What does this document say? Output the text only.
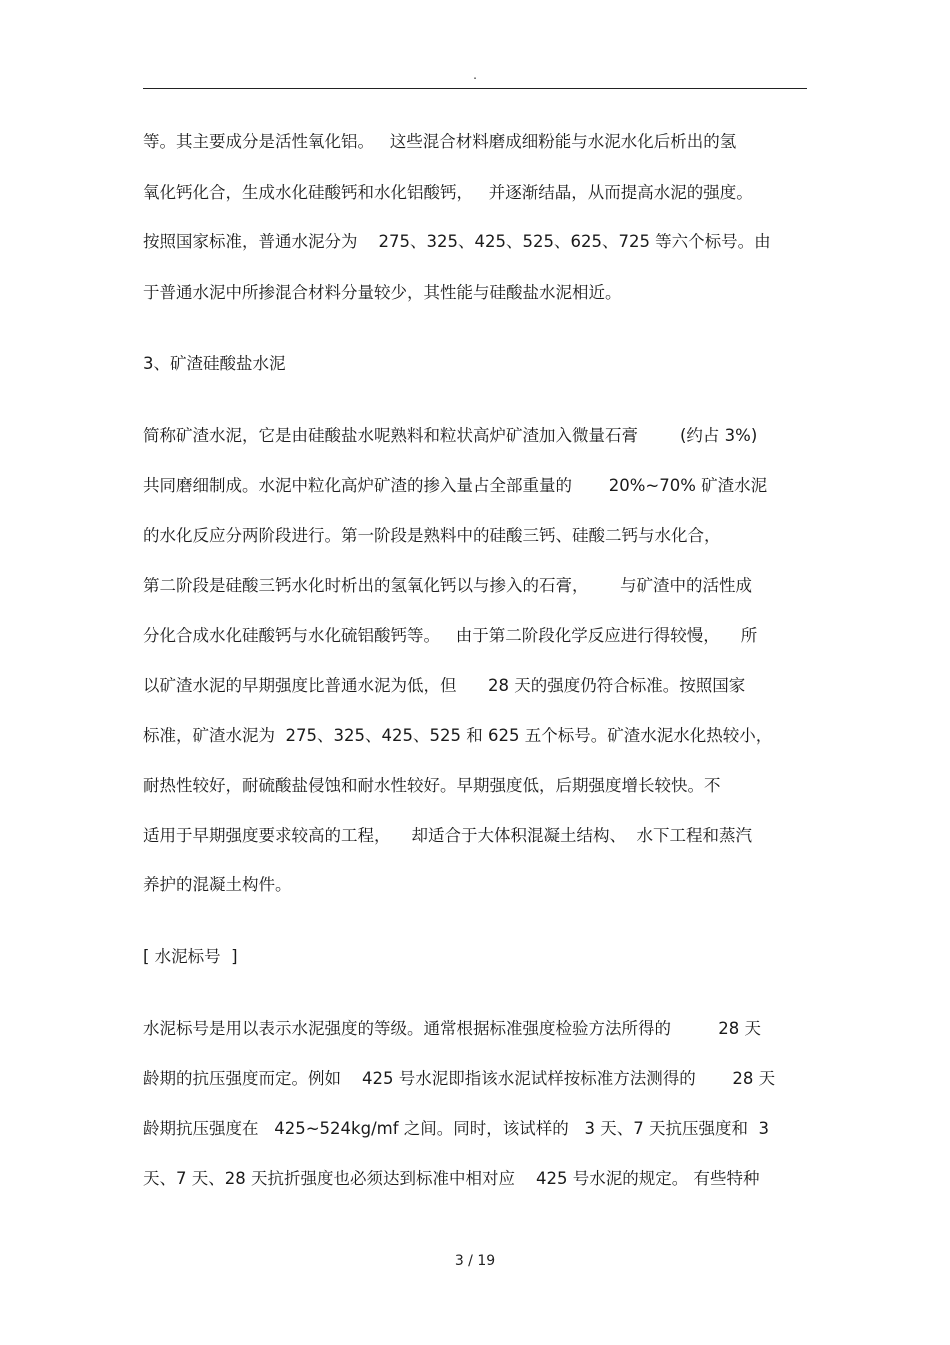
.
等。其主要成分是活性氧化铝。   这些混合材料磨成细粉能与水泥水化后析出的氢
氧化钙化合，生成水化硅酸钙和水化铝酸钙，   并逐渐结晶，从而提高水泥的强度。
按照国家标准，普通水泥分为    275、325、425、525、625、725 等六个标号。由
于普通水泥中所掺混合材料分量较少，其性能与硅酸盐水泥相近。
3、矿渣硅酸盐水泥
简称矿渣水泥，它是由硅酸盐水呢熟料和粒状高炉矿渣加入微量石膏        (约占 3%)
共同磨细制成。水泥中粒化高炉矿渣的掺入量占全部重量的       20%~70% 矿渣水泥
的水化反应分两阶段进行。第一阶段是熟料中的硅酸三钙、硅酸二钙与水化合，
第二阶段是硅酸三钙水化时析出的氢氧化钙以与掺入的石膏，      与矿渣中的活性成
分化合成水化硅酸钙与水化硫铝酸钙等。   由于第二阶段化学反应进行得较慢，    所
以矿渣水泥的早期强度比普通水泥为低，但      28 天的强度仍符合标准。按照国家
标准，矿渣水泥为  275、325、425、525 和 625 五个标号。矿渣水泥水化热较小，
耐热性较好，耐硫酸盐侵蚀和耐水性较好。早期强度低，后期强度增长较快。不
适用于早期强度要求较高的工程，    却适合于大体积混凝土结构、  水下工程和蒸汽
养护的混凝土构件。
[ 水泥标号  ]
水泥标号是用以表示水泥强度的等级。通常根据标准强度检验方法所得的         28 天
龄期的抗压强度而定。例如    425 号水泥即指该水泥试样按标准方法测得的       28 天
龄期抗压强度在   425~524kg/mf 之间。同时，该试样的   3 天、7 天抗压强度和  3
天、7 天、28 天抗折强度也必须达到标准中相对应    425 号水泥的规定。 有些特种
3 / 19
